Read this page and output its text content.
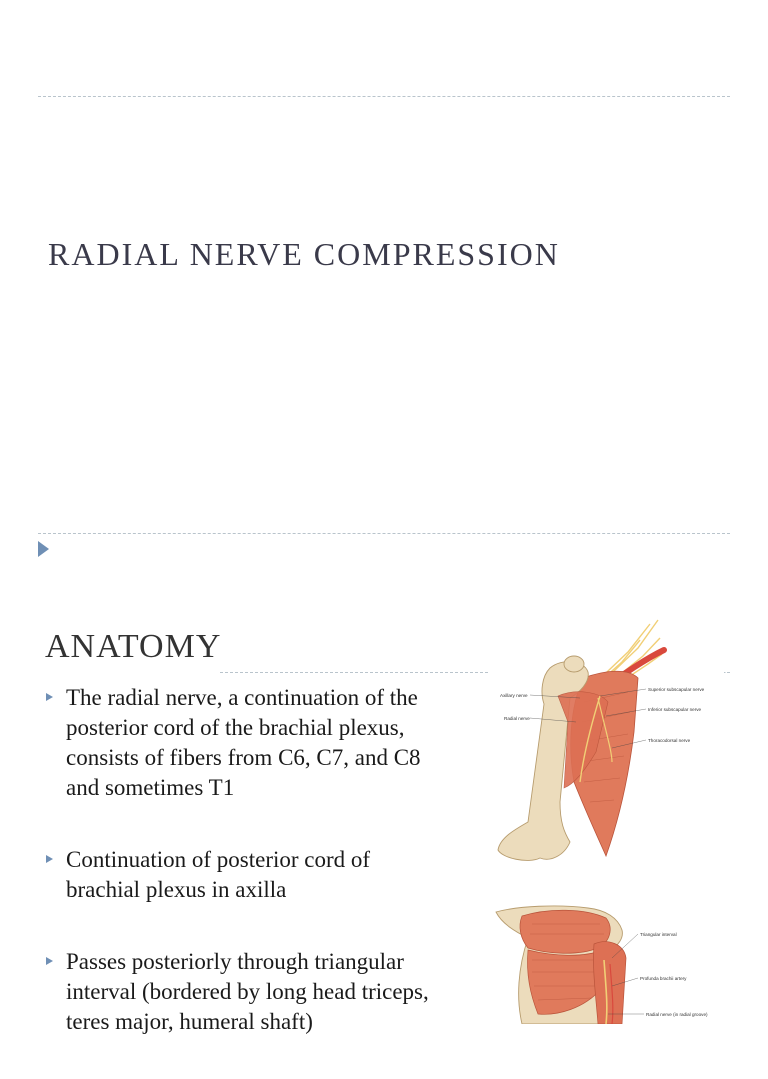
RADIAL NERVE COMPRESSION
ANATOMY
The radial nerve, a continuation of the posterior cord of the brachial plexus, consists of fibers from C6, C7, and C8 and sometimes T1
Continuation of posterior cord of brachial plexus in axilla
Passes posteriorly through triangular interval (bordered by long head triceps, teres major, humeral shaft)
Axillary nerve
Radial nerve
Superior subscapular nerve
Inferior subscapular nerve
Thoracodorsal nerve
Triangular interval
Profunda brachii artery
Radial nerve (in radial groove)
